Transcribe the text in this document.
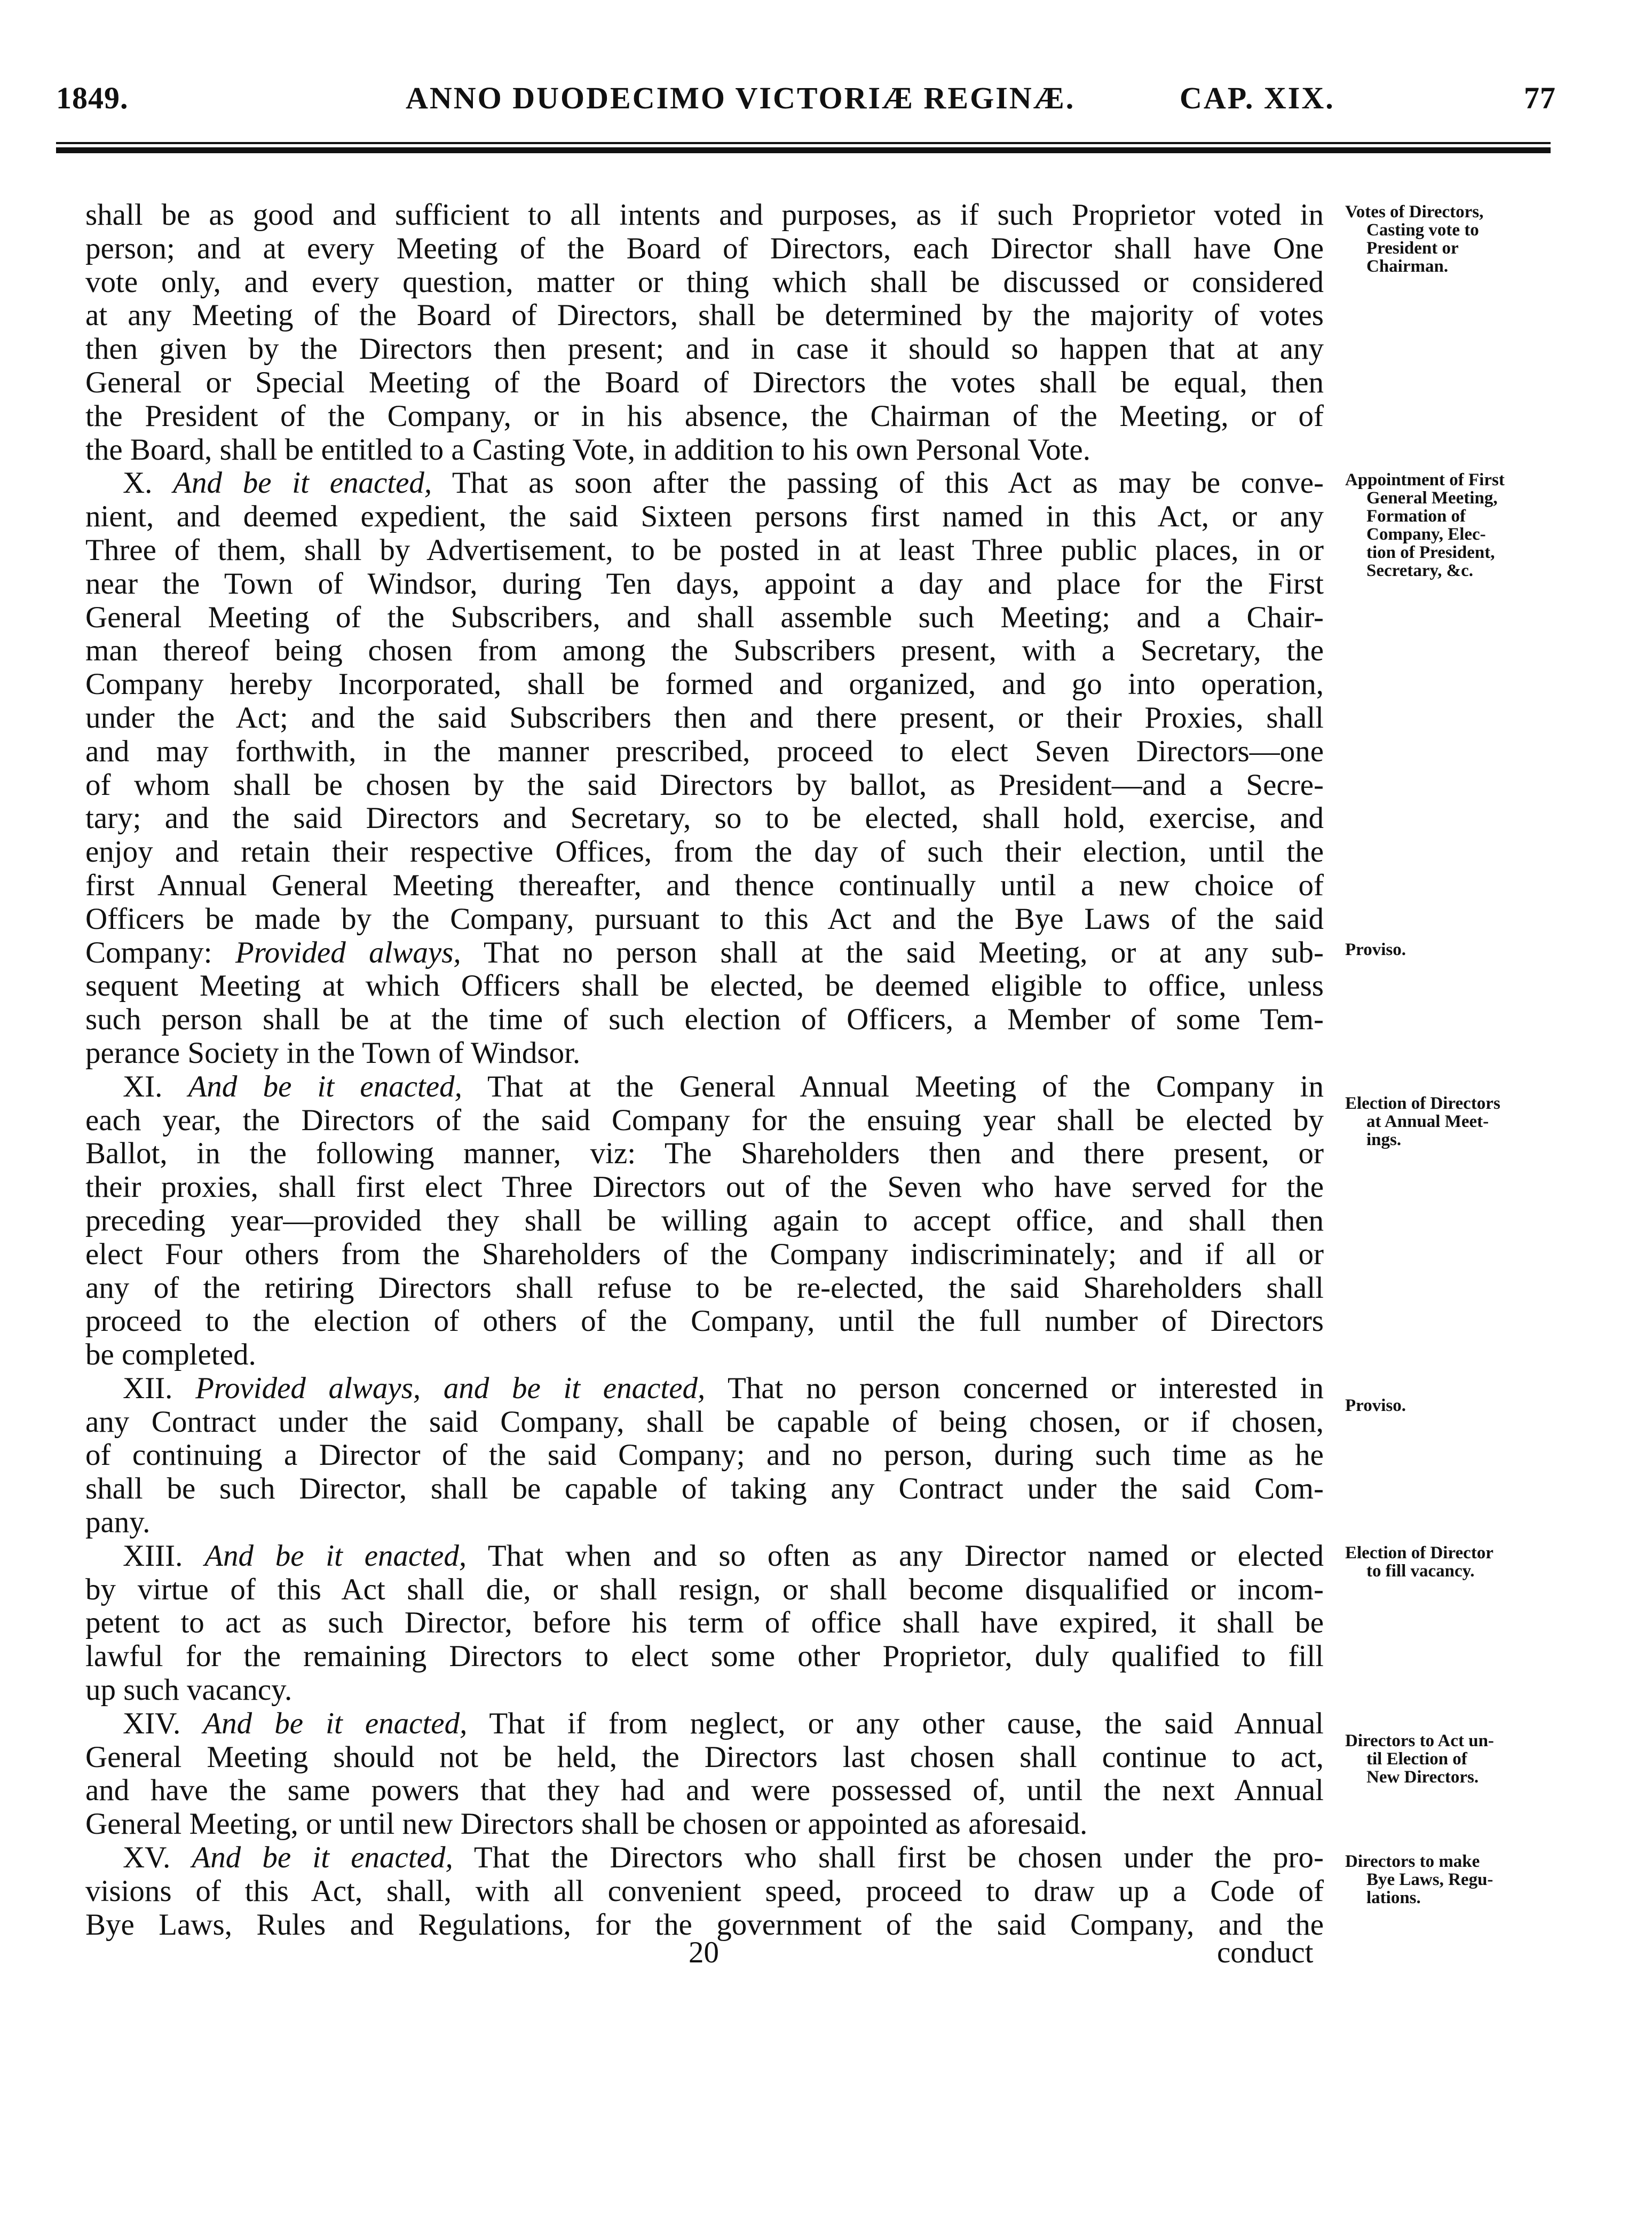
1849.	ANNO DUODECIMO VICTORIÆ REGINÆ.	CAP. XIX.	77
shall be as good and sufficient to all intents and purposes, as if such Proprietor voted in
person; and at every Meeting of the Board of Directors, each Director shall have One
vote only, and every question, matter or thing which shall be discussed or considered
at any Meeting of the Board of Directors, shall be determined by the majority of votes
then given by the Directors then present; and in case it should so happen that at any
General or Special Meeting of the Board of Directors the votes shall be equal, then
the President of the Company, or in his absence, the Chairman of the Meeting, or of
the Board, shall be entitled to a Casting Vote, in addition to his own Personal Vote.
X. And be it enacted, That as soon after the passing of this Act as may be conve-
nient, and deemed expedient, the said Sixteen persons first named in this Act, or any
Three of them, shall by Advertisement, to be posted in at least Three public places, in or
near the Town of Windsor, during Ten days, appoint a day and place for the First
General Meeting of the Subscribers, and shall assemble such Meeting; and a Chair-
man thereof being chosen from among the Subscribers present, with a Secretary, the
Company hereby Incorporated, shall be formed and organized, and go into operation,
under the Act; and the said Subscribers then and there present, or their Proxies, shall
and may forthwith, in the manner prescribed, proceed to elect Seven Directors—one
of whom shall be chosen by the said Directors by ballot, as President—and a Secre-
tary; and the said Directors and Secretary, so to be elected, shall hold, exercise, and
enjoy and retain their respective Offices, from the day of such their election, until the
first Annual General Meeting thereafter, and thence continually until a new choice of
Officers be made by the Company, pursuant to this Act and the Bye Laws of the said
Company: Provided always, That no person shall at the said Meeting, or at any sub-
sequent Meeting at which Officers shall be elected, be deemed eligible to office, unless
such person shall be at the time of such election of Officers, a Member of some Tem-
perance Society in the Town of Windsor.
XI. And be it enacted, That at the General Annual Meeting of the Company in
each year, the Directors of the said Company for the ensuing year shall be elected by
Ballot, in the following manner, viz: The Shareholders then and there present, or
their proxies, shall first elect Three Directors out of the Seven who have served for the
preceding year—provided they shall be willing again to accept office, and shall then
elect Four others from the Shareholders of the Company indiscriminately; and if all or
any of the retiring Directors shall refuse to be re-elected, the said Shareholders shall
proceed to the election of others of the Company, until the full number of Directors
be completed.
XII. Provided always, and be it enacted, That no person concerned or interested in
any Contract under the said Company, shall be capable of being chosen, or if chosen,
of continuing a Director of the said Company; and no person, during such time as he
shall be such Director, shall be capable of taking any Contract under the said Com-
pany.
XIII. And be it enacted, That when and so often as any Director named or elected
by virtue of this Act shall die, or shall resign, or shall become disqualified or incom-
petent to act as such Director, before his term of office shall have expired, it shall be
lawful for the remaining Directors to elect some other Proprietor, duly qualified to fill
up such vacancy.
XIV. And be it enacted, That if from neglect, or any other cause, the said Annual
General Meeting should not be held, the Directors last chosen shall continue to act,
and have the same powers that they had and were possessed of, until the next Annual
General Meeting, or until new Directors shall be chosen or appointed as aforesaid.
XV. And be it enacted, That the Directors who shall first be chosen under the pro-
visions of this Act, shall, with all convenient speed, proceed to draw up a Code of
Bye Laws, Rules and Regulations, for the government of the said Company, and the
Votes of Directors,
Casting vote to
President or
Chairman.
Appointment of First
General Meeting,
Formation of
Company, Elec-
tion of President,
Secretary, &c.
Proviso.
Election of Directors
at Annual Meet-
ings.
Proviso.
Election of Director
to fill vacancy.
Directors to Act un-
til Election of
New Directors.
Directors to make
Bye Laws, Regu-
lations.
20	conduct
